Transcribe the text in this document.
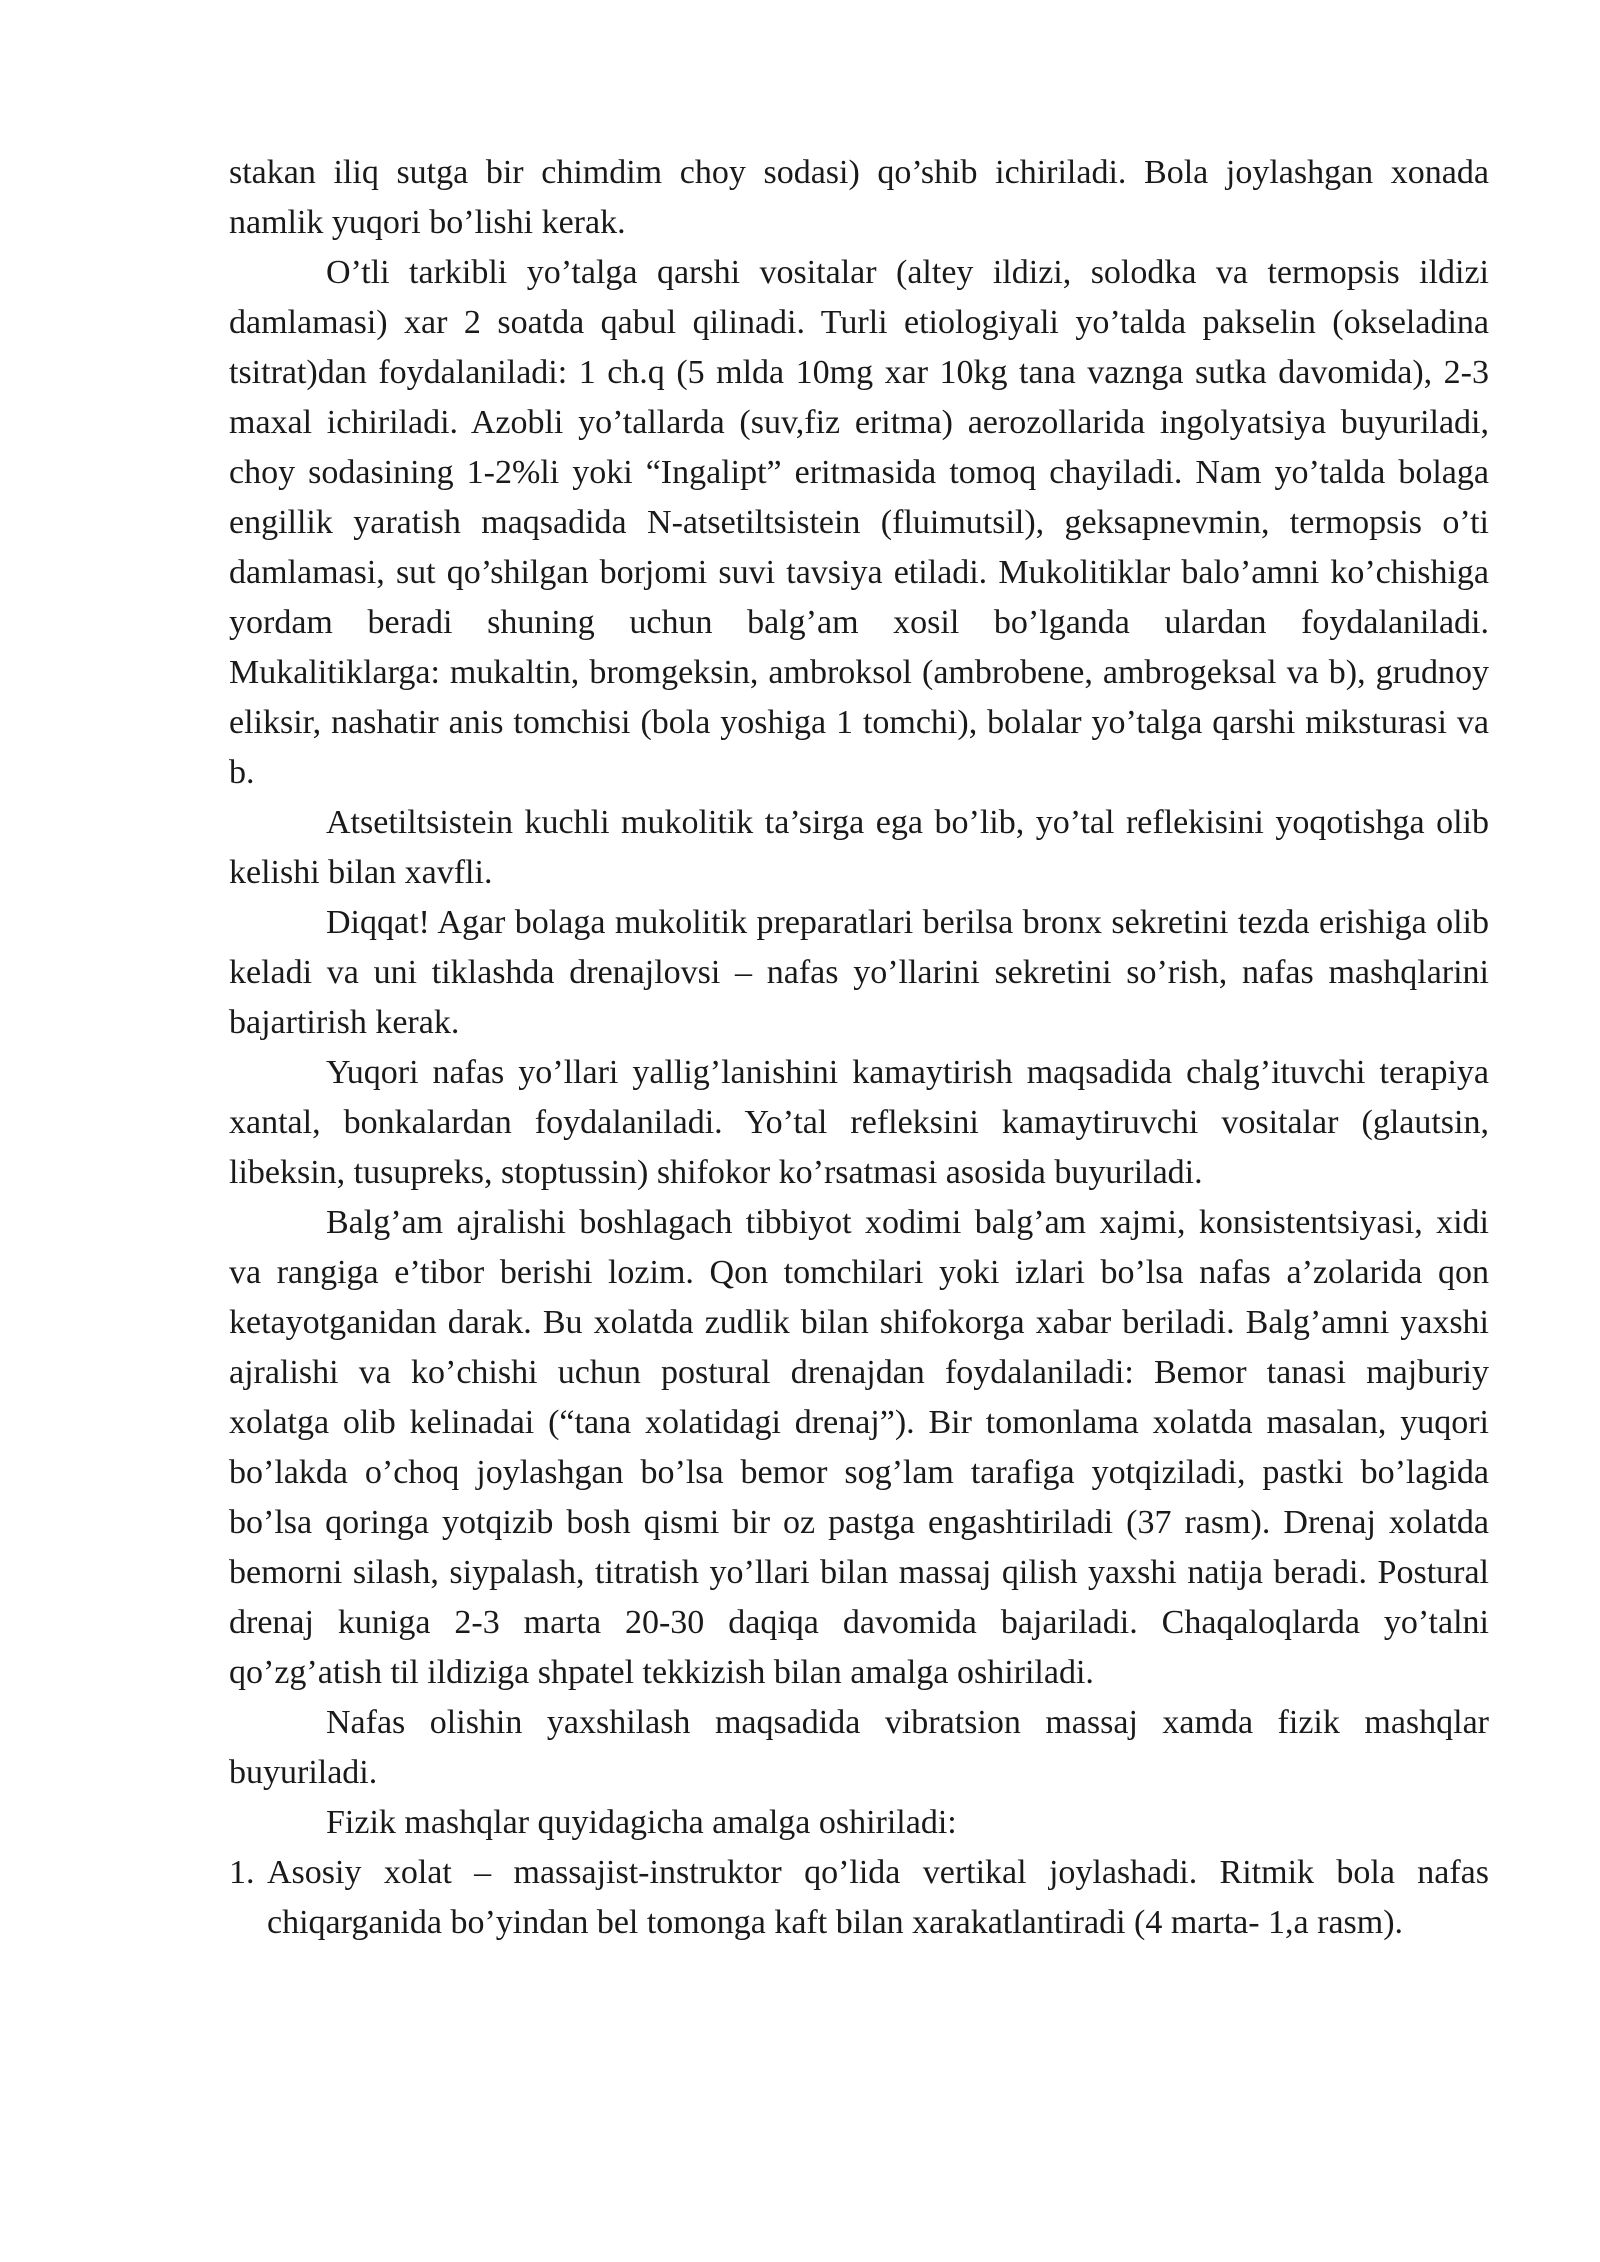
stakan iliq sutga bir chimdim choy sodasi) qo’shib ichiriladi. Bola joylashgan xonada namlik yuqori bo’lishi kerak.

O’tli tarkibli yo’talga qarshi vositalar (altey ildizi, solodka va termopsis ildizi damlamasi) xar 2 soatda qabul qilinadi. Turli etiologiyali yo’talda pakselin (okseladina tsitrat)dan foydalaniladi: 1 ch.q (5 mlda 10mg xar 10kg tana vaznga sutka davomida), 2-3 maxal ichiriladi. Azobli yo’tallarda (suv,fiz eritma) aerozollarida ingolyatsiya buyuriladi, choy sodasining 1-2%li yoki “Ingalipt” eritmasida tomoq chayiladi. Nam yo’talda bolaga engillik yaratish maqsadida N-atsetiltsistein (fluimutsil), geksapnevmin, termopsis o’ti damlamasi, sut qo’shilgan borjomi suvi tavsiya etiladi. Mukolitiklar balo’amni ko’chishiga yordam beradi shuning uchun balg’am xosil bo’lganda ulardan foydalaniladi. Mukalitiklarga: mukaltin, bromgeksin, ambroksol (ambrobene, ambrogeksal va b), grudnoy eliksir, nashatir anis tomchisi (bola yoshiga 1 tomchi), bolalar yo’talga qarshi miksturasi va b.

Atsetiltsistein kuchli mukolitik ta’sirga ega bo’lib, yo’tal reflekisini yoqotishga olib kelishi bilan xavfli.

Diqqat! Agar bolaga mukolitik preparatlari berilsa bronx sekretini tezda erishiga olib keladi va uni tiklashda drenajlovsi – nafas yo’llarini sekretini so’rish, nafas mashqlarini bajartirish kerak.

Yuqori nafas yo’llari yallig’lanishini kamaytirish maqsadida chalg’ituvchi terapiya xantal, bonkalardan foydalaniladi. Yo’tal refleksini kamaytiruvchi vositalar (glautsin, libeksin, tusupreks, stoptussin) shifokor ko’rsatmasi asosida buyuriladi.

Balg’am ajralishi boshlagach tibbiyot xodimi balg’am xajmi, konsistentsiyasi, xidi va rangiga e’tibor berishi lozim. Qon tomchilari yoki izlari bo’lsa nafas a’zolarida qon ketayotganidan darak. Bu xolatda zudlik bilan shifokorga xabar beriladi. Balg’amni yaxshi ajralishi va ko’chishi uchun postural drenajdan foydalaniladi: Bemor tanasi majburiy xolatga olib kelinadai (“tana xolatidagi drenaj”). Bir tomonlama xolatda masalan, yuqori bo’lakda o’choq joylashgan bo’lsa bemor sog’lam tarafiga yotqiziladi, pastki bo’lagida bo’lsa qoringa yotqizib bosh qismi bir oz pastga engashtiriladi (37 rasm). Drenaj xolatda bemorni silash, siypalash, titratish yo’llari bilan massaj qilish yaxshi natija beradi. Postural drenaj kuniga 2-3 marta 20-30 daqiqa davomida bajariladi. Chaqaloqlarda yo’talni qo’zg’atish til ildiziga shpatel tekkizish bilan amalga oshiriladi.

Nafas olishin yaxshilash maqsadida vibratsion massaj xamda fizik mashqlar buyuriladi.

Fizik mashqlar quyidagicha amalga oshiriladi:

1. Asosiy xolat – massajist-instruktor qo’lida vertikal joylashadi. Ritmik bola nafas chiqarganida bo’yindan bel tomonga kaft bilan xarakatlantiradi (4 marta- 1,a rasm).
